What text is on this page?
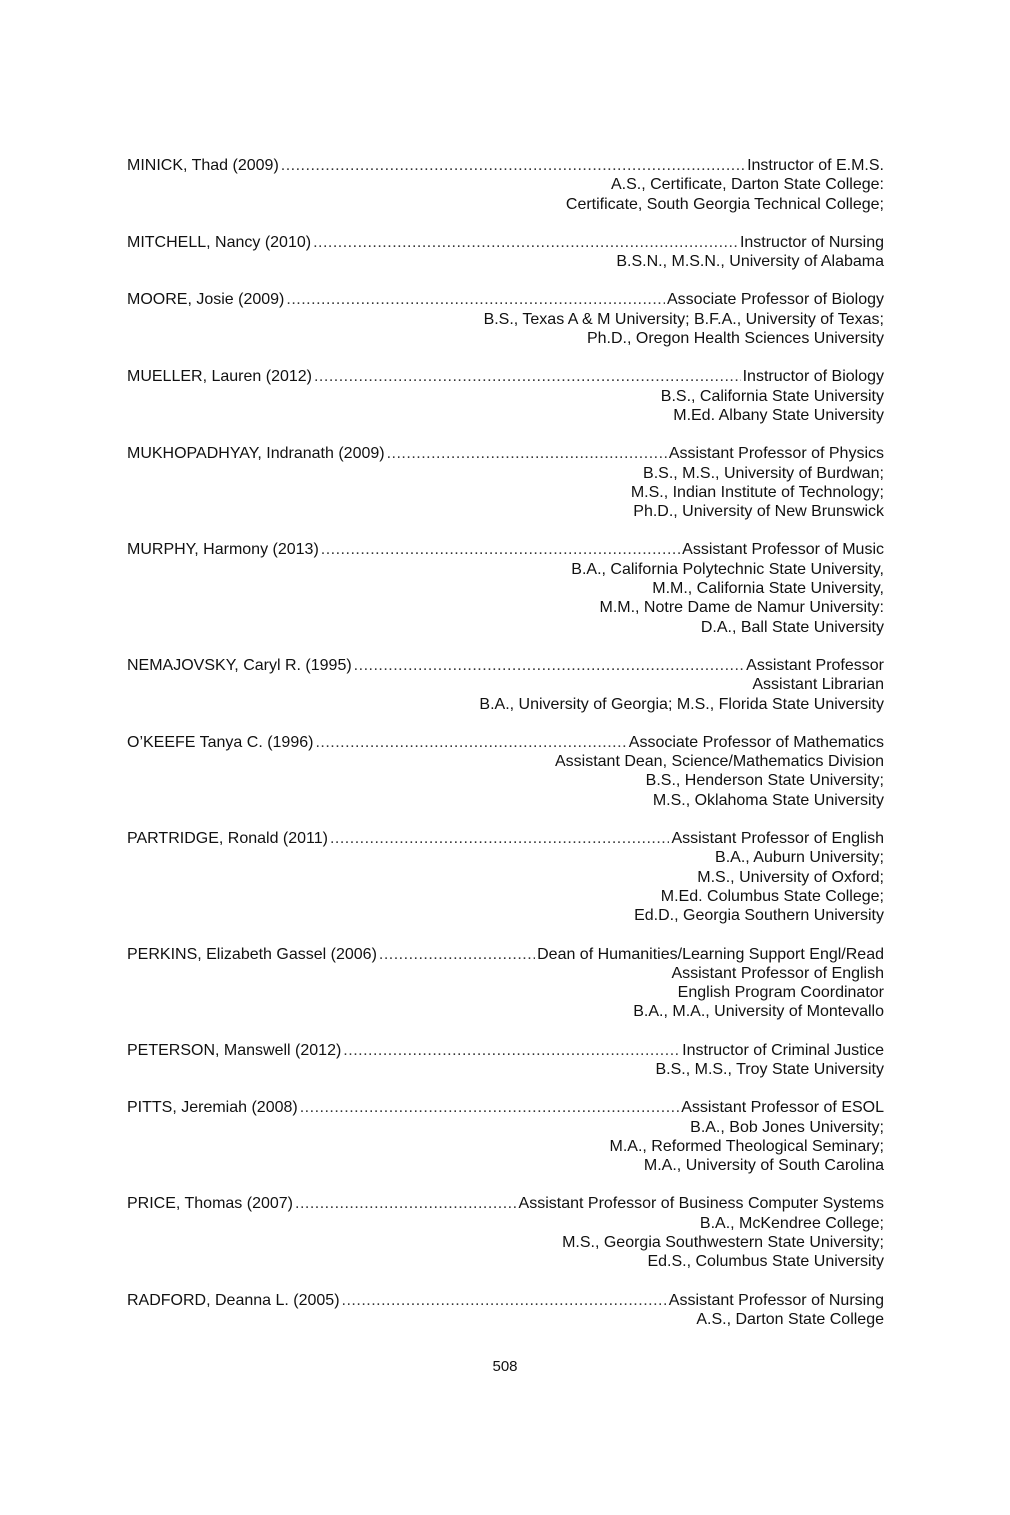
MINICK, Thad (2009) .....	Instructor of E.M.S.
A.S., Certificate, Darton State College:
Certificate, South Georgia Technical College;
MITCHELL, Nancy (2010) .....	Instructor of Nursing
B.S.N., M.S.N., University of Alabama
MOORE, Josie (2009) .....	Associate Professor of Biology
B.S., Texas A & M University; B.F.A., University of Texas;
Ph.D., Oregon Health Sciences University
MUELLER, Lauren (2012) .....	Instructor of Biology
B.S., California State University
M.Ed. Albany State University
MUKHOPADHYAY, Indranath (2009) .....	Assistant Professor of Physics
B.S., M.S., University of Burdwan;
M.S., Indian Institute of Technology;
Ph.D., University of New Brunswick
MURPHY, Harmony (2013) .....	Assistant Professor of Music
B.A., California Polytechnic State University,
M.M., California State University,
M.M., Notre Dame de Namur University:
D.A., Ball State University
NEMAJOVSKY, Caryl R. (1995) .....	Assistant Professor
Assistant Librarian
B.A., University of Georgia; M.S., Florida State University
O’KEEFE Tanya C. (1996) .....	Associate Professor of Mathematics
Assistant Dean, Science/Mathematics Division
B.S., Henderson State University;
M.S., Oklahoma State University
PARTRIDGE, Ronald (2011) .....	Assistant Professor of English
B.A., Auburn University;
M.S., University of Oxford;
M.Ed. Columbus State College;
Ed.D., Georgia Southern University
PERKINS, Elizabeth Gassel (2006) .....	Dean of Humanities/Learning Support Engl/Read
Assistant Professor of English
English Program Coordinator
B.A., M.A., University of Montevallo
PETERSON, Manswell (2012) .....	Instructor of Criminal Justice
B.S., M.S., Troy State University
PITTS, Jeremiah (2008) .....	Assistant Professor of ESOL
B.A., Bob Jones University;
M.A., Reformed Theological Seminary;
M.A., University of South Carolina
PRICE, Thomas (2007) .....	Assistant Professor of Business Computer Systems
B.A., McKendree College;
M.S., Georgia Southwestern State University;
Ed.S., Columbus State University
RADFORD, Deanna L. (2005) .....	Assistant Professor of Nursing
A.S., Darton State College
508
